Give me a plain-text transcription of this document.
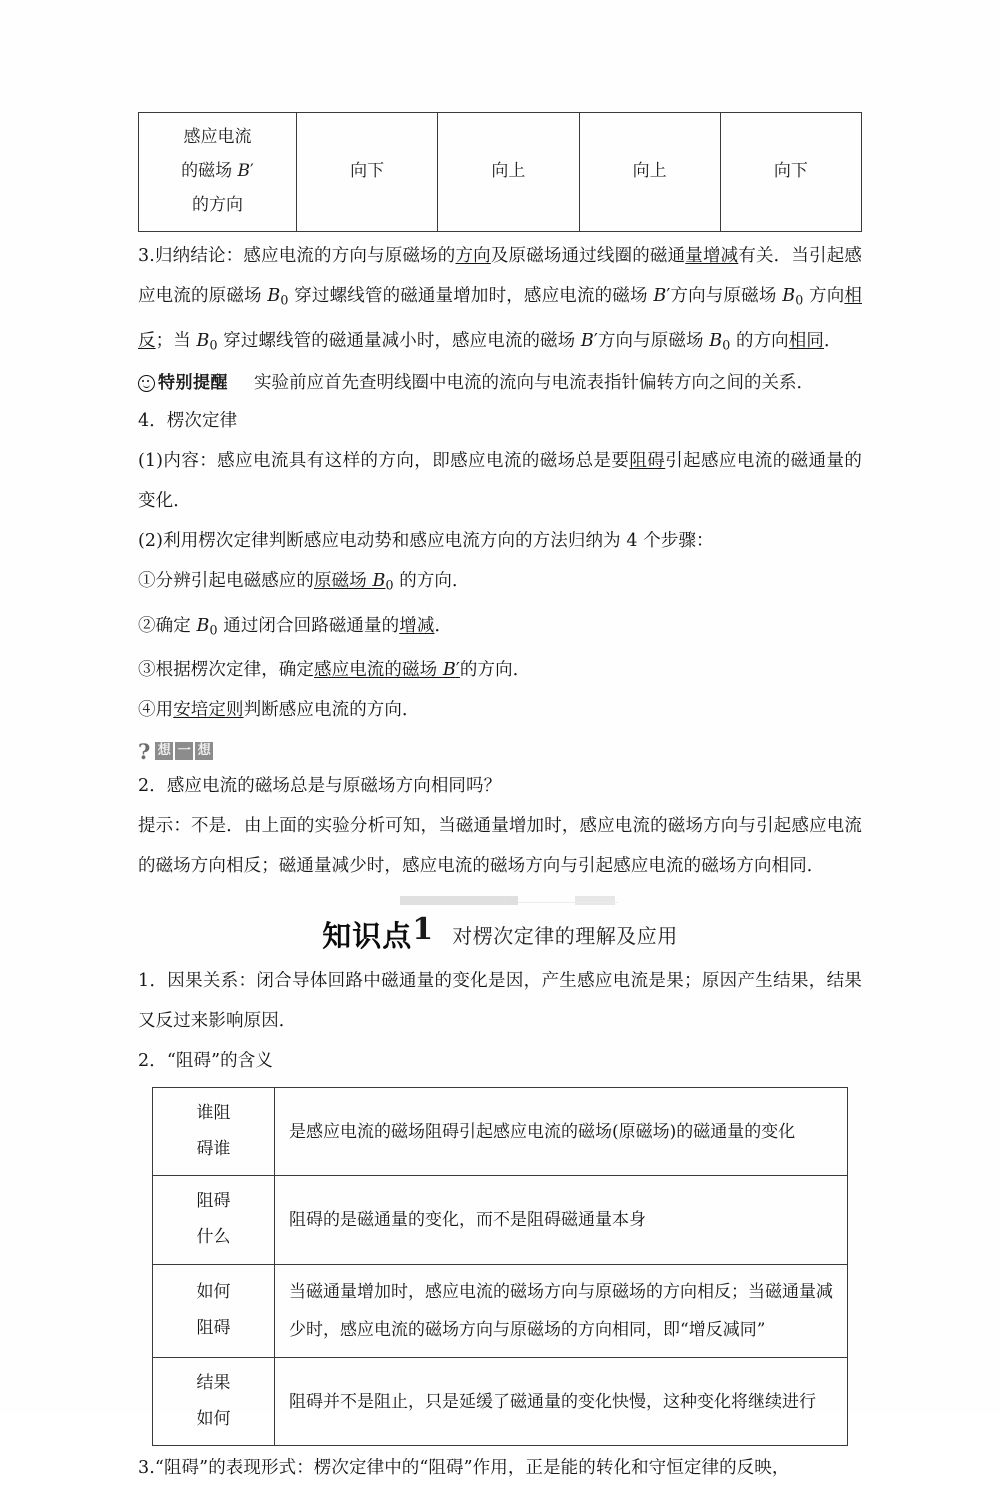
感应电流
的磁场 B′
的方向	向下	向上	向上	向下

3.归纳结论：感应电流的方向与原磁场的方向及原磁场通过线圈的磁通量增减有关．当引起感应电流的原磁场 $B_0$ 穿过螺线管的磁通量增加时，感应电流的磁场 B′方向与原磁场 $B_0$ 方向相反；当 $B_0$ 穿过螺线管的磁通量减小时，感应电流的磁场 B′方向与原磁场 $B_0$ 的方向相同．

特别提醒 实验前应首先查明线圈中电流的流向与电流表指针偏转方向之间的关系．

4．楞次定律

(1)内容：感应电流具有这样的方向，即感应电流的磁场总是要阻碍引起感应电流的磁通量的变化．

(2)利用楞次定律判断感应电动势和感应电流方向的方法归纳为 4 个步骤：

①分辨引起电磁感应的原磁场 $B_0$ 的方向．

②确定 $B_0$ 通过闭合回路磁通量的增减．

③根据楞次定律，确定感应电流的磁场 B′的方向．

④用安培定则判断感应电流的方向．

? 想 一 想

2．感应电流的磁场总是与原磁场方向相同吗？

提示：不是．由上面的实验分析可知，当磁通量增加时，感应电流的磁场方向与引起感应电流的磁场方向相反；磁通量减少时，感应电流的磁场方向与引起感应电流的磁场方向相同．

知识点1 对楞次定律的理解及应用

1．因果关系：闭合导体回路中磁通量的变化是因，产生感应电流是果；原因产生结果，结果又反过来影响原因．

2．“阻碍”的含义

谁阻
碍谁	是感应电流的磁场阻碍引起感应电流的磁场(原磁场)的磁通量的变化
阻碍
什么	阻碍的是磁通量的变化，而不是阻碍磁通量本身
如何
阻碍	当磁通量增加时，感应电流的磁场方向与原磁场的方向相反；当磁通量减少时，感应电流的磁场方向与原磁场的方向相同，即“增反减同”
结果
如何	阻碍并不是阻止，只是延缓了磁通量的变化快慢，这种变化将继续进行

3.“阻碍”的表现形式：楞次定律中的“阻碍”作用，正是能的转化和守恒定律的反映，
